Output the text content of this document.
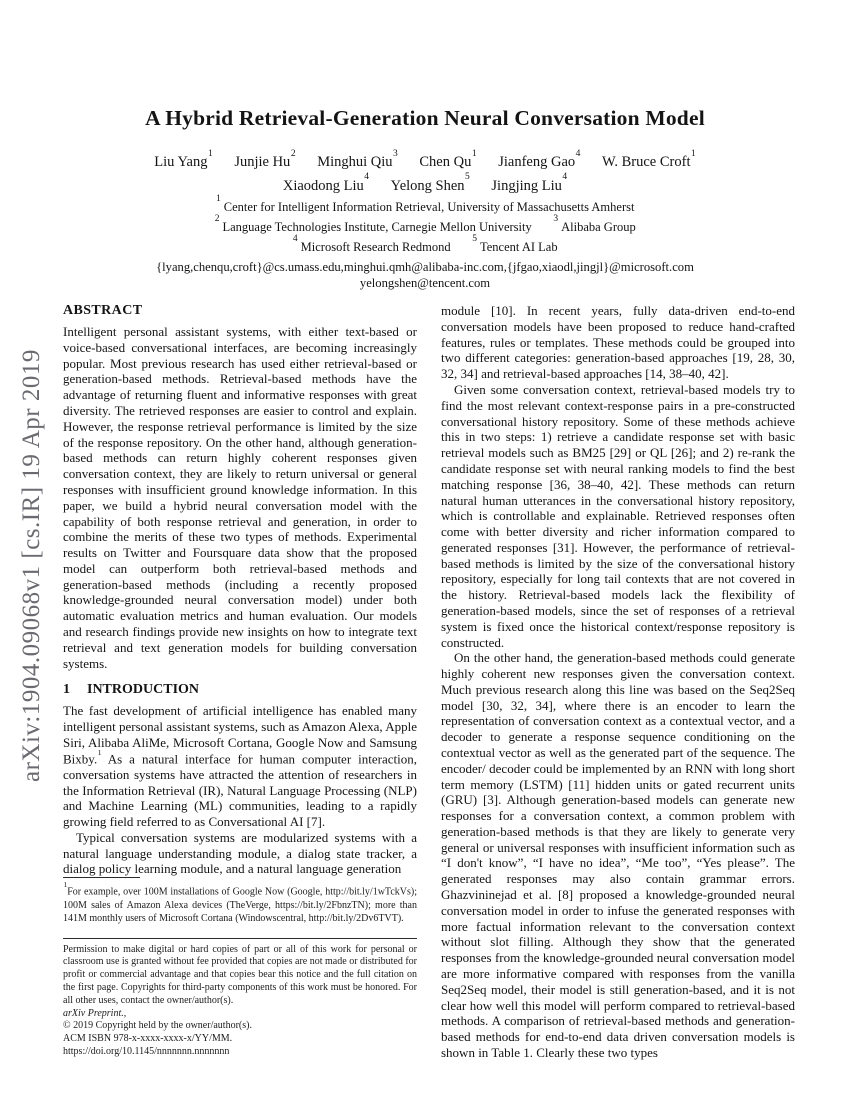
arXiv:1904.09068v1 [cs.IR] 19 Apr 2019
A Hybrid Retrieval-Generation Neural Conversation Model
Liu Yang$^1$ Junjie Hu$^2$ Minghui Qiu$^3$ Chen Qu$^1$ Jianfeng Gao$^4$ W. Bruce Croft$^1$
Xiaodong Liu$^4$ Yelong Shen$^5$ Jingjing Liu$^4$
$^1$Center for Intelligent Information Retrieval, University of Massachusetts Amherst
$^2$Language Technologies Institute, Carnegie Mellon University $^3$Alibaba Group
$^4$Microsoft Research Redmond $^5$Tencent AI Lab
{lyang,chenqu,croft}@cs.umass.edu,minghui.qmh@alibaba-inc.com,{jfgao,xiaodl,jingjl}@microsoft.com
yelongshen@tencent.com
ABSTRACT

Intelligent personal assistant systems, with either text-based or voice-based conversational interfaces, are becoming increasingly popular. Most previous research has used either retrieval-based or generation-based methods. Retrieval-based methods have the advantage of returning fluent and informative responses with great diversity. The retrieved responses are easier to control and explain. However, the response retrieval performance is limited by the size of the response repository. On the other hand, although generation-based methods can return highly coherent responses given conversation context, they are likely to return universal or general responses with insufficient ground knowledge information. In this paper, we build a hybrid neural conversation model with the capability of both response retrieval and generation, in order to combine the merits of these two types of methods. Experimental results on Twitter and Foursquare data show that the proposed model can outperform both retrieval-based methods and generation-based methods (including a recently proposed knowledge-grounded neural conversation model) under both automatic evaluation metrics and human evaluation. Our models and research findings provide new insights on how to integrate text retrieval and text generation models for building conversation systems.

1 INTRODUCTION

The fast development of artificial intelligence has enabled many intelligent personal assistant systems, such as Amazon Alexa, Apple Siri, Alibaba AliMe, Microsoft Cortana, Google Now and Samsung Bixby.$^1$ As a natural interface for human computer interaction, conversation systems have attracted the attention of researchers in the Information Retrieval (IR), Natural Language Processing (NLP) and Machine Learning (ML) communities, leading to a rapidly growing field referred to as Conversational AI [7].

Typical conversation systems are modularized systems with a natural language understanding module, a dialog state tracker, a dialog policy learning module, and a natural language generation

$^1$For example, over 100M installations of Google Now (Google, http://bit.ly/1wTckVs); 100M sales of Amazon Alexa devices (TheVerge, https://bit.ly/2FbnzTN); more than 141M monthly users of Microsoft Cortana (Windowscentral, http://bit.ly/2Dv6TVT).

Permission to make digital or hard copies of part or all of this work for personal or classroom use is granted without fee provided that copies are not made or distributed for profit or commercial advantage and that copies bear this notice and the full citation on the first page. Copyrights for third-party components of this work must be honored. For all other uses, contact the owner/author(s).

arXiv Preprint.,

© 2019 Copyright held by the owner/author(s).

ACM ISBN 978-x-xxxx-xxxx-x/YY/MM.

https://doi.org/10.1145/nnnnnnn.nnnnnnn

module [10]. In recent years, fully data-driven end-to-end conversation models have been proposed to reduce hand-crafted features, rules or templates. These methods could be grouped into two different categories: generation-based approaches [19, 28, 30, 32, 34] and retrieval-based approaches [14, 38–40, 42].

Given some conversation context, retrieval-based models try to find the most relevant context-response pairs in a pre-constructed conversational history repository. Some of these methods achieve this in two steps: 1) retrieve a candidate response set with basic retrieval models such as BM25 [29] or QL [26]; and 2) re-rank the candidate response set with neural ranking models to find the best matching response [36, 38–40, 42]. These methods can return natural human utterances in the conversational history repository, which is controllable and explainable. Retrieved responses often come with better diversity and richer information compared to generated responses [31]. However, the performance of retrieval-based methods is limited by the size of the conversational history repository, especially for long tail contexts that are not covered in the history. Retrieval-based models lack the flexibility of generation-based models, since the set of responses of a retrieval system is fixed once the historical context/response repository is constructed.

On the other hand, the generation-based methods could generate highly coherent new responses given the conversation context. Much previous research along this line was based on the Seq2Seq model [30, 32, 34], where there is an encoder to learn the representation of conversation context as a contextual vector, and a decoder to generate a response sequence conditioning on the contextual vector as well as the generated part of the sequence. The encoder/ decoder could be implemented by an RNN with long short term memory (LSTM) [11] hidden units or gated recurrent units (GRU) [3]. Although generation-based models can generate new responses for a conversation context, a common problem with generation-based methods is that they are likely to generate very general or universal responses with insufficient information such as “I don't know”, “I have no idea”, “Me too”, “Yes please”. The generated responses may also contain grammar errors. Ghazvininejad et al. [8] proposed a knowledge-grounded neural conversation model in order to infuse the generated responses with more factual information relevant to the conversation context without slot filling. Although they show that the generated responses from the knowledge-grounded neural conversation model are more informative compared with responses from the vanilla Seq2Seq model, their model is still generation-based, and it is not clear how well this model will perform compared to retrieval-based methods. A comparison of retrieval-based methods and generation-based methods for end-to-end data driven conversation models is shown in Table 1. Clearly these two types
